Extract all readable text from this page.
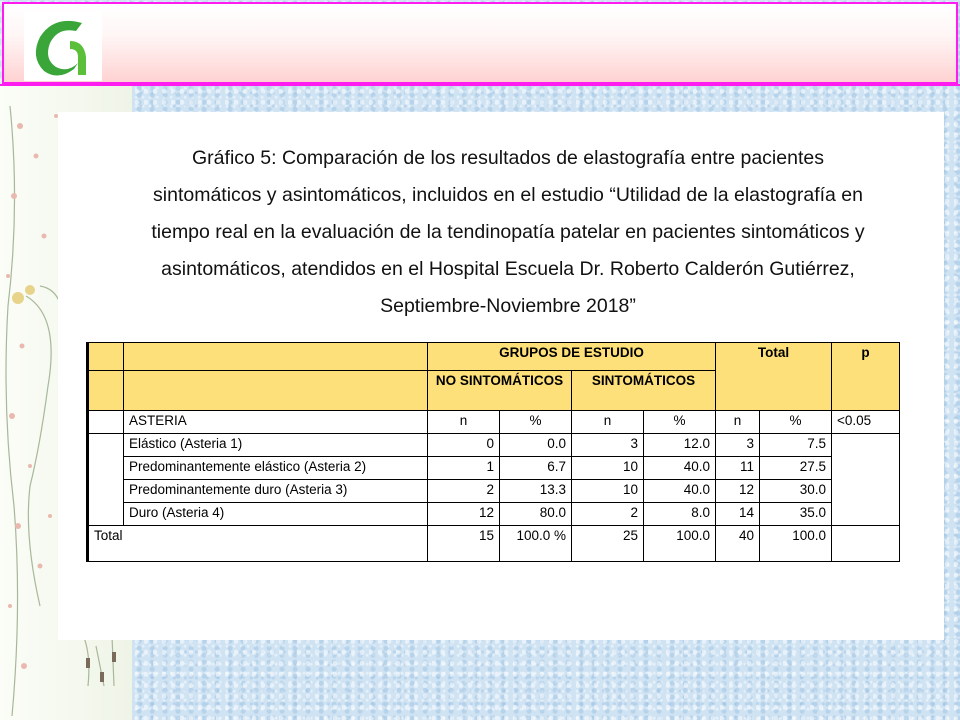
Gráfico 5: Comparación de los resultados de elastografía entre pacientes
sintomáticos y asintomáticos, incluidos en el estudio “Utilidad de la elastografía en
tiempo real en la evaluación de la tendinopatía patelar en pacientes sintomáticos y
asintomáticos, atendidos en el Hospital Escuela Dr. Roberto Calderón Gutiérrez,
Septiembre-Noviembre 2018”
		GRUPOS DE ESTUDIO				Total		p
		NO SINTOMÁTICOS		SINTOMÁTICOS				
	ASTERIA	n	%	n	%	n	%	<0.05
	Elástico (Asteria 1)	0	0.0	3	12.0	3	7.5	
	Predominantemente elástico (Asteria 2)	1	6.7	10	40.0	11	27.5	
	Predominantemente duro (Asteria 3)	2	13.3	10	40.0	12	30.0	
	Duro (Asteria 4)	12	80.0	2	8.0	14	35.0	
Total		15	100.0 %	25	100.0	40	100.0	
